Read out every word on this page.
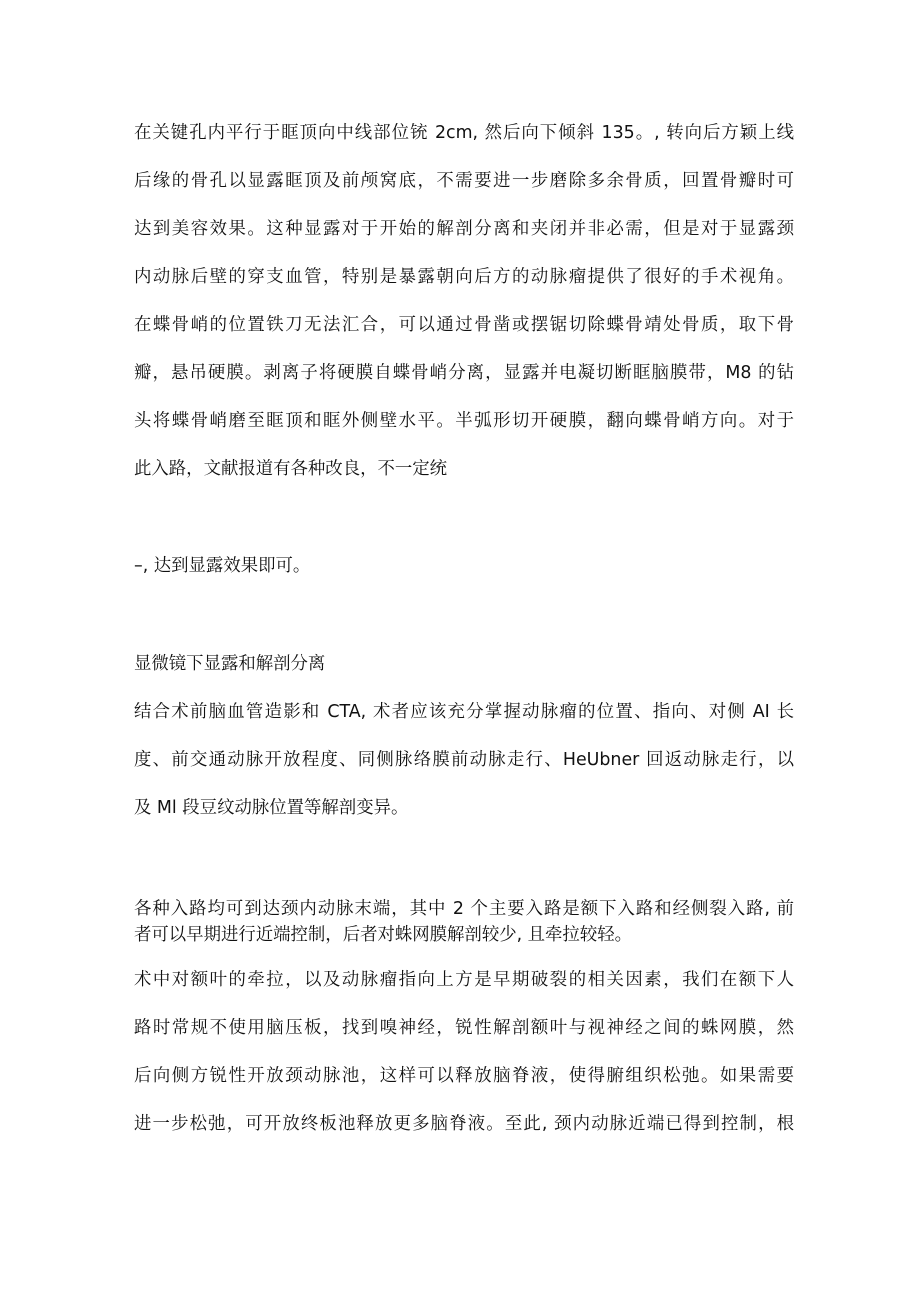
在关键孔内平行于眶顶向中线部位铳 2cm, 然后向下倾斜 135。, 转向后方颖上线
后缘的骨孔以显露眶顶及前颅窝底，不需要进一步磨除多余骨质，回置骨瓣时可
达到美容效果。这种显露对于开始的解剖分离和夹闭并非必需，但是对于显露颈
内动脉后壁的穿支血管，特别是暴露朝向后方的动脉瘤提供了很好的手术视角。
在蝶骨峭的位置铁刀无法汇合，可以通过骨凿或摆锯切除蝶骨靖处骨质，取下骨
瓣，悬吊硬膜。剥离子将硬膜自蝶骨峭分离，显露并电凝切断眶脑膜带，M8 的钻
头将蝶骨峭磨至眶顶和眶外侧壁水平。半弧形切开硬膜，翻向蝶骨峭方向。对于
此入路，文献报道有各种改良，不一定统
–, 达到显露效果即可。
显微镜下显露和解剖分离
结合术前脑血管造影和 CTA, 术者应该充分掌握动脉瘤的位置、指向、对侧 AI 长
度、前交通动脉开放程度、同侧脉络膜前动脉走行、HeUbner 回返动脉走行，以
及 Ml 段豆纹动脉位置等解剖变异。
各种入路均可到达颈内动脉末端，其中 2 个主要入路是额下入路和经侧裂入路, 前
者可以早期进行近端控制，后者对蛛网膜解剖较少, 且牵拉较轻。
术中对额叶的牵拉，以及动脉瘤指向上方是早期破裂的相关因素，我们在额下人
路时常规不使用脑压板，找到嗅神经，锐性解剖额叶与视神经之间的蛛网膜，然
后向侧方锐性开放颈动脉池，这样可以释放脑脊液，使得腑组织松弛。如果需要
进一步松弛，可开放终板池释放更多脑脊液。至此, 颈内动脉近端已得到控制，根
